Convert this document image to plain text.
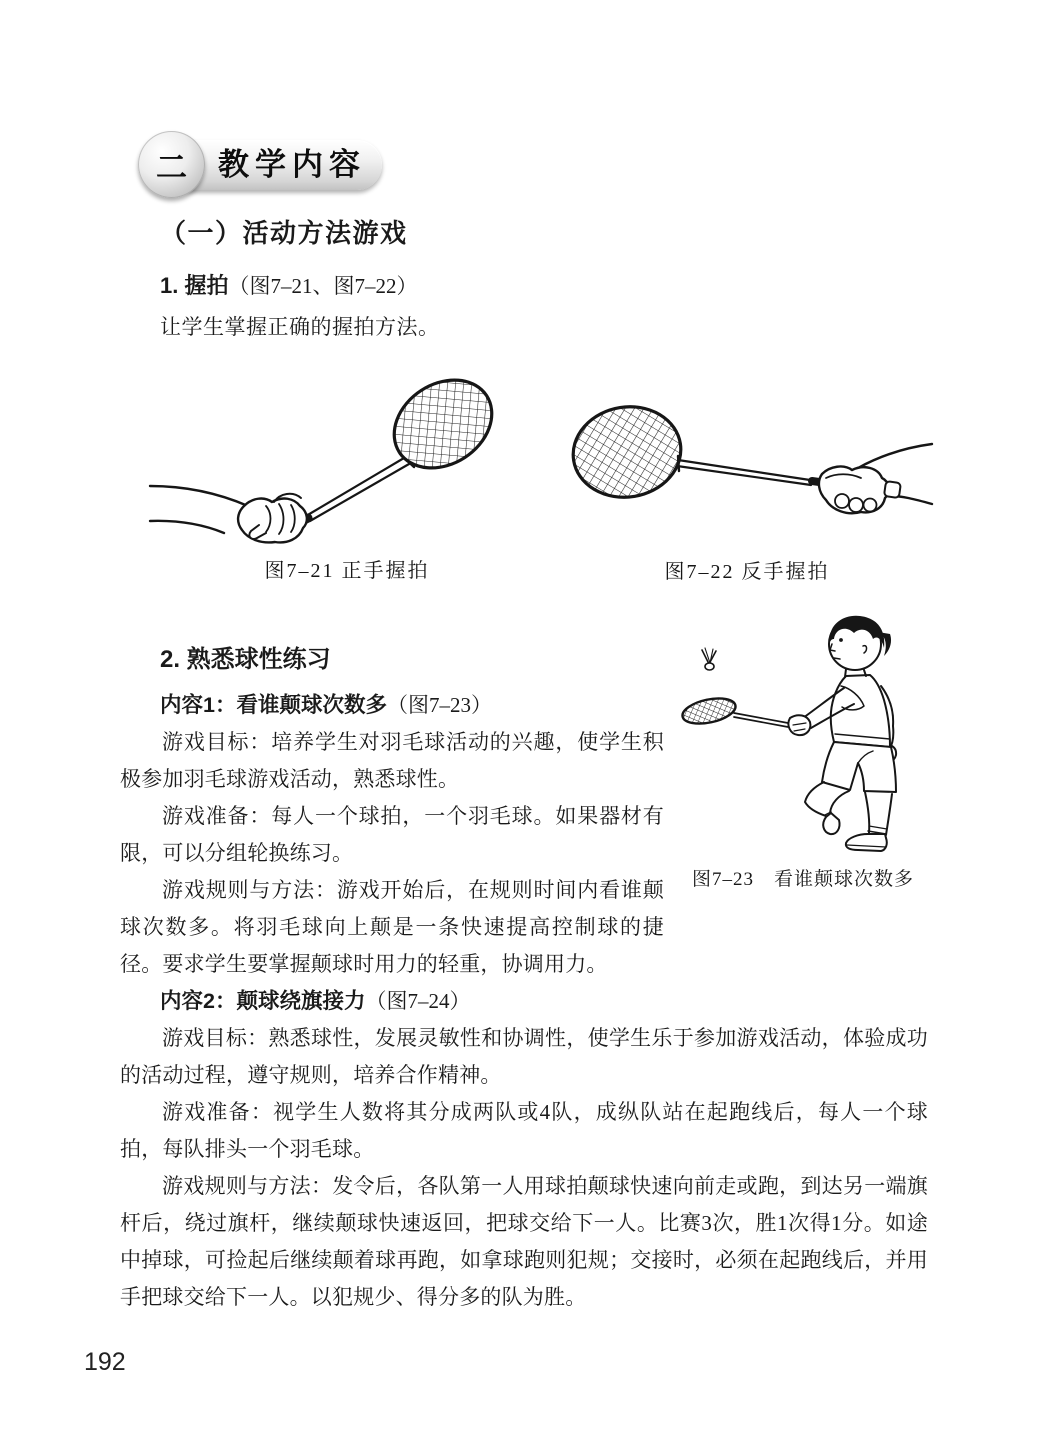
教学内容
二
（一）活动方法游戏

1. 握拍（图7–21、图7–22）

让学生掌握正确的握拍方法。

图7–21 正手握拍	图7–22 反手握拍
图7–23　看谁颠球次数多
2. 熟悉球性练习

内容1：看谁颠球次数多（图7–23）

游戏目标：培养学生对羽毛球活动的兴趣，使学生积极参加羽毛球游戏活动，熟悉球性。

游戏准备：每人一个球拍，一个羽毛球。如果器材有限，可以分组轮换练习。

游戏规则与方法：游戏开始后，在规则时间内看谁颠球次数多。将羽毛球向上颠是一条快速提高控制球的捷径。要求学生要掌握颠球时用力的轻重，协调用力。

内容2：颠球绕旗接力（图7–24）

游戏目标：熟悉球性，发展灵敏性和协调性，使学生乐于参加游戏活动，体验成功的活动过程，遵守规则，培养合作精神。

游戏准备：视学生人数将其分成两队或4队，成纵队站在起跑线后，每人一个球拍，每队排头一个羽毛球。

游戏规则与方法：发令后，各队第一人用球拍颠球快速向前走或跑，到达另一端旗杆后，绕过旗杆，继续颠球快速返回，把球交给下一人。比赛3次，胜1次得1分。如途中掉球，可捡起后继续颠着球再跑，如拿球跑则犯规；交接时，必须在起跑线后，并用手把球交给下一人。以犯规少、得分多的队为胜。

192
